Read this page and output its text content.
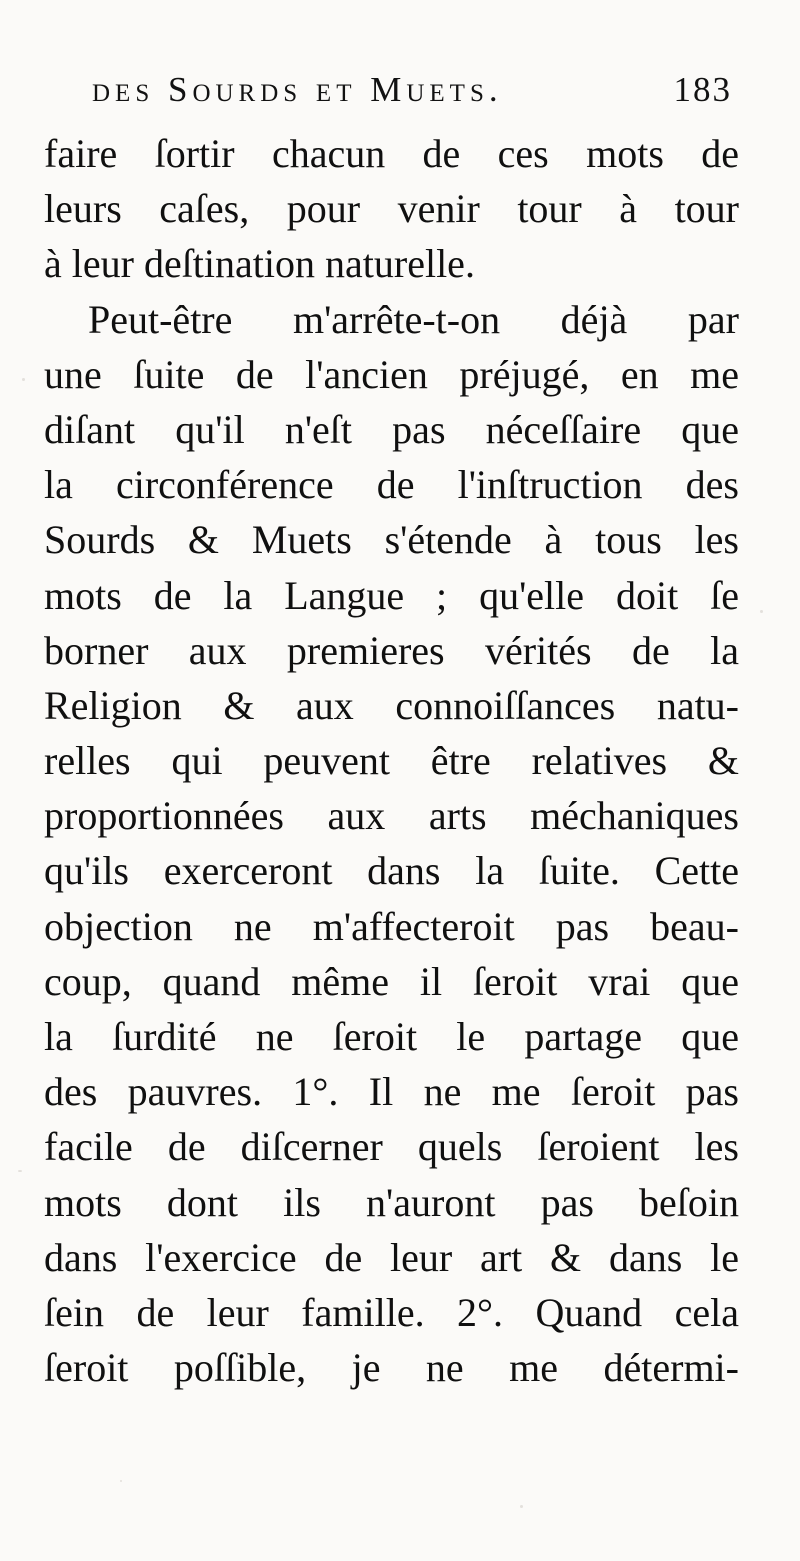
des Sourds et Muets.	183
faire ſortir chacun de ces mots de
leurs caſes, pour venir tour à tour
à leur deſtination naturelle.
Peut-être m'arrête-t-on déjà par
une ſuite de l'ancien préjugé, en me
diſant qu'il n'eſt pas néceſſaire que
la circonférence de l'inſtruction des
Sourds & Muets s'étende à tous les
mots de la Langue ; qu'elle doit ſe
borner aux premieres vérités de la
Religion & aux connoiſſances natu-
relles qui peuvent être relatives &
proportionnées aux arts méchaniques
qu'ils exerceront dans la ſuite. Cette
objection ne m'affecteroit pas beau-
coup, quand même il ſeroit vrai que
la ſurdité ne ſeroit le partage que
des pauvres. 1°. Il ne me ſeroit pas
facile de diſcerner quels ſeroient les
mots dont ils n'auront pas beſoin
dans l'exercice de leur art & dans le
ſein de leur famille. 2°. Quand cela
ſeroit poſſible, je ne me détermi-
